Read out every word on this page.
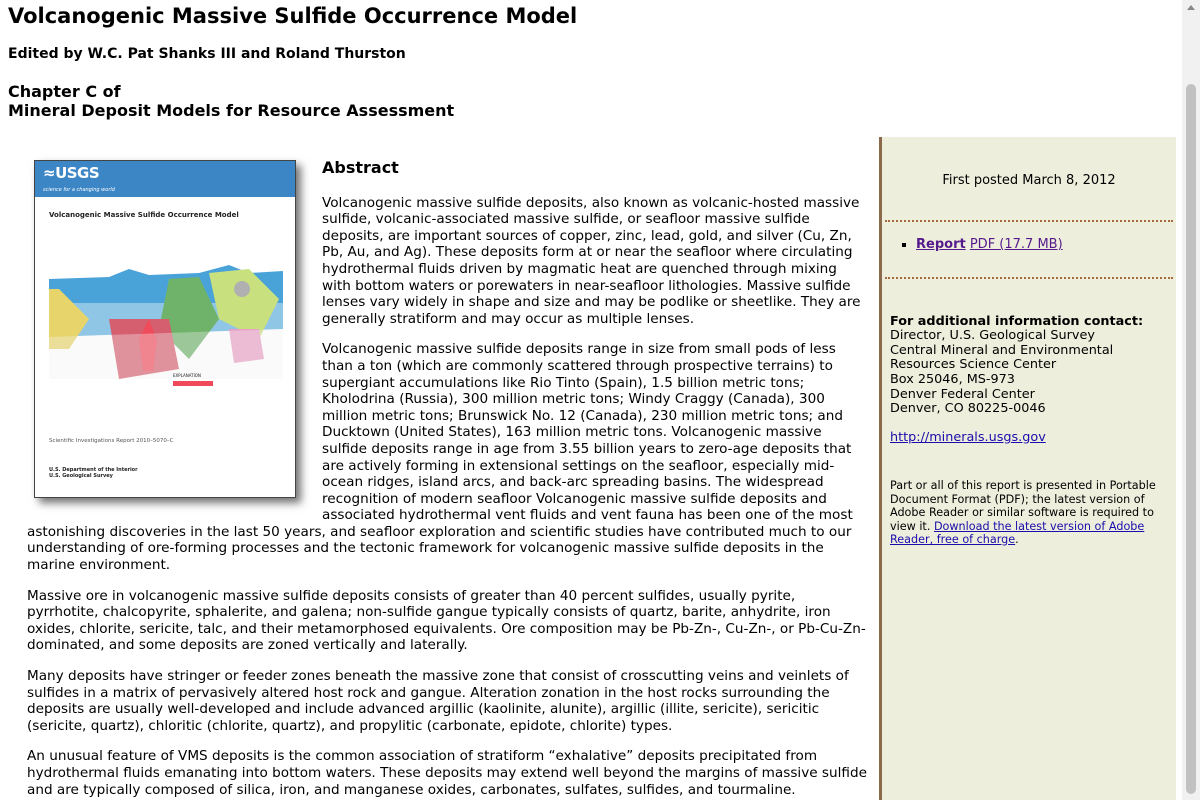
Volcanogenic Massive Sulfide Occurrence Model
Edited by W.C. Pat Shanks III and Roland Thurston
Chapter C of
Mineral Deposit Models for Resource Assessment
≈USGS
science for a changing world
Volcanogenic Massive Sulfide Occurrence Model
EXPLANATION
Scientific Investigations Report 2010–5070–C
U.S. Department of the Interior
U.S. Geological Survey
Abstract

Volcanogenic massive sulfide deposits, also known as volcanic-hosted massive sulfide, volcanic-associated massive sulfide, or seafloor massive sulfide deposits, are important sources of copper, zinc, lead, gold, and silver (Cu, Zn, Pb, Au, and Ag). These deposits form at or near the seafloor where circulating hydrothermal fluids driven by magmatic heat are quenched through mixing with bottom waters or porewaters in near-seafloor lithologies. Massive sulfide lenses vary widely in shape and size and may be podlike or sheetlike. They are generally stratiform and may occur as multiple lenses.

Volcanogenic massive sulfide deposits range in size from small pods of less than a ton (which are commonly scattered through prospective terrains) to supergiant accumulations like Rio Tinto (Spain), 1.5 billion metric tons; Kholodrina (Russia), 300 million metric tons; Windy Craggy (Canada), 300 million metric tons; Brunswick No. 12 (Canada), 230 million metric tons; and Ducktown (United States), 163 million metric tons. Volcanogenic massive sulfide deposits range in age from 3.55 billion years to zero-age deposits that are actively forming in extensional settings on the seafloor, especially mid-ocean ridges, island arcs, and back-arc spreading basins. The widespread recognition of modern seafloor Volcanogenic massive sulfide deposits and associated hydrothermal vent fluids and vent fauna has been one of the most astonishing discoveries in the last 50 years, and seafloor exploration and scientific studies have contributed much to our understanding of ore-forming processes and the tectonic framework for volcanogenic massive sulfide deposits in the marine environment.

Massive ore in volcanogenic massive sulfide deposits consists of greater than 40 percent sulfides, usually pyrite, pyrrhotite, chalcopyrite, sphalerite, and galena; non-sulfide gangue typically consists of quartz, barite, anhydrite, iron oxides, chlorite, sericite, talc, and their metamorphosed equivalents. Ore composition may be Pb-Zn-, Cu-Zn-, or Pb-Cu-Zn-dominated, and some deposits are zoned vertically and laterally.

Many deposits have stringer or feeder zones beneath the massive zone that consist of crosscutting veins and veinlets of sulfides in a matrix of pervasively altered host rock and gangue. Alteration zonation in the host rocks surrounding the deposits are usually well-developed and include advanced argillic (kaolinite, alunite), argillic (illite, sericite), sericitic (sericite, quartz), chloritic (chlorite, quartz), and propylitic (carbonate, epidote, chlorite) types.

An unusual feature of VMS deposits is the common association of stratiform “exhalative” deposits precipitated from hydrothermal fluids emanating into bottom waters. These deposits may extend well beyond the margins of massive sulfide and are typically composed of silica, iron, and manganese oxides, carbonates, sulfates, sulfides, and tourmaline.

First posted March 8, 2012
▪ Report PDF (17.7 MB)
For additional information contact:
Director, U.S. Geological Survey
Central Mineral and Environmental
Resources Science Center
Box 25046, MS-973
Denver Federal Center
Denver, CO 80225-0046
http://minerals.usgs.gov
Part or all of this report is presented in Portable Document Format (PDF); the latest version of Adobe Reader or similar software is required to view it. Download the latest version of Adobe Reader, free of charge.
